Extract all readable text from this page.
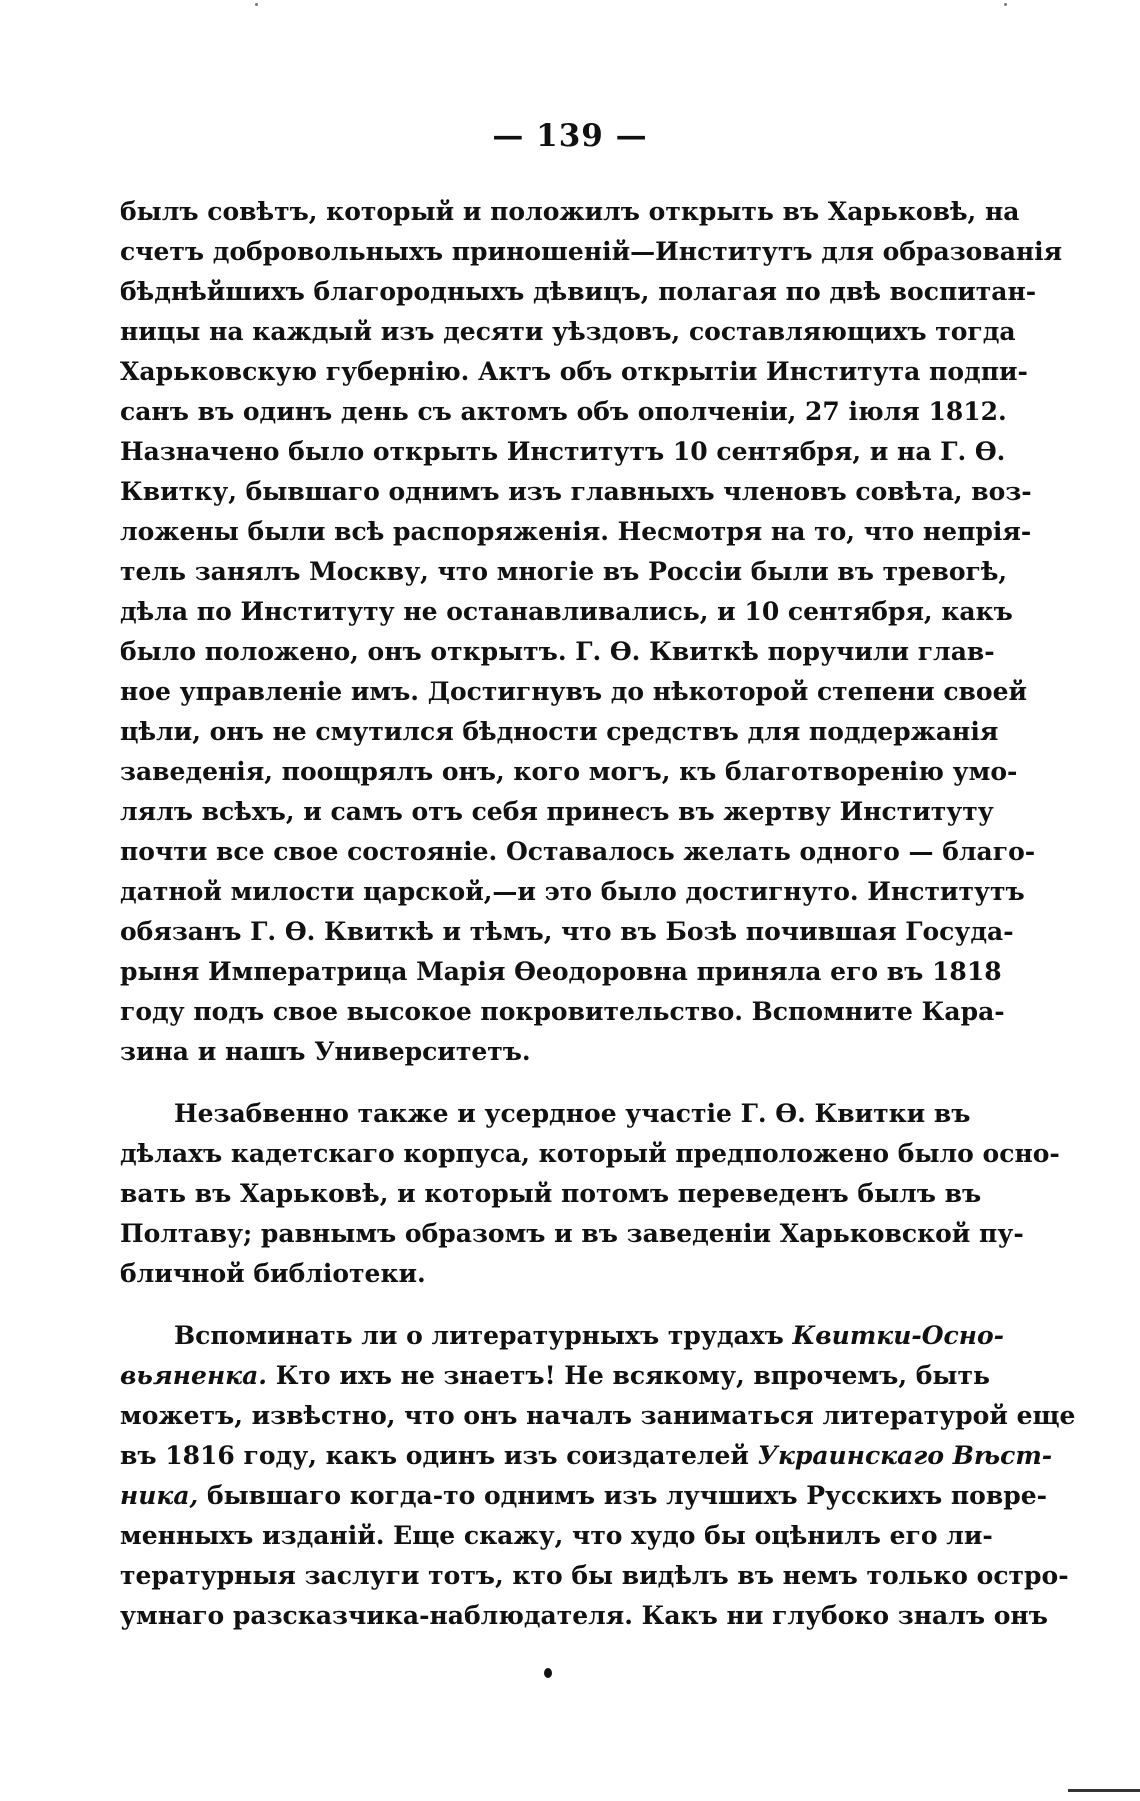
— 139 —
былъ совѣтъ, который и положилъ открыть въ Харьковѣ, на
счетъ добровольныхъ приношеній—Институтъ для образованія
бѣднѣйшихъ благородныхъ дѣвицъ, полагая по двѣ воспитан-
ницы на каждый изъ десяти уѣздовъ, составляющихъ тогда
Харьковскую губернію. Актъ объ открытіи Института подпи-
санъ въ одинъ день съ актомъ объ ополченіи, 27 іюля 1812.
Назначено было открыть Институтъ 10 сентября, и на Г. Ѳ.
Квитку, бывшаго однимъ изъ главныхъ членовъ совѣта, воз-
ложены были всѣ распоряженія. Несмотря на то, что непрія-
тель занялъ Москву, что многіе въ Россіи были въ тревогѣ,
дѣла по Институту не останавливались, и 10 сентября, какъ
было положено, онъ открытъ. Г. Ѳ. Квиткѣ поручили глав-
ное управленіе имъ. Достигнувъ до нѣкоторой степени своей
цѣли, онъ не смутился бѣдности средствъ для поддержанія
заведенія, поощрялъ онъ, кого могъ, къ благотворенію умо-
лялъ всѣхъ, и самъ отъ себя принесъ въ жертву Институту
почти все свое состояніе. Оставалось желать одного — благо-
датной милости царской,—и это было достигнуто. Институтъ
обязанъ Г. Ѳ. Квиткѣ и тѣмъ, что въ Бозѣ почившая Госуда-
рыня Императрица Марія Ѳеодоровна приняла его въ 1818
году подъ свое высокое покровительство. Вспомните Кара-
зина и нашъ Университетъ.
Незабвенно также и усердное участіе Г. Ѳ. Квитки въ
дѣлахъ кадетскаго корпуса, который предположено было осно-
вать въ Харьковѣ, и который потомъ переведенъ былъ въ
Полтаву; равнымъ образомъ и въ заведеніи Харьковской пу-
бличной библіотеки.
Вспоминать ли о литературныхъ трудахъ Квитки-Осно-
вьяненка. Кто ихъ не знаетъ! Не всякому, впрочемъ, быть
можетъ, извѣстно, что онъ началъ заниматься литературой еще
въ 1816 году, какъ одинъ изъ соиздателей Украинскаго Вѣст-
ника, бывшаго когда-то однимъ изъ лучшихъ Русскихъ повре-
менныхъ изданій. Еще скажу, что худо бы оцѣнилъ его ли-
тературныя заслуги тотъ, кто бы видѣлъ въ немъ только остро-
умнаго разсказчика-наблюдателя. Какъ ни глубоко зналъ онъ
